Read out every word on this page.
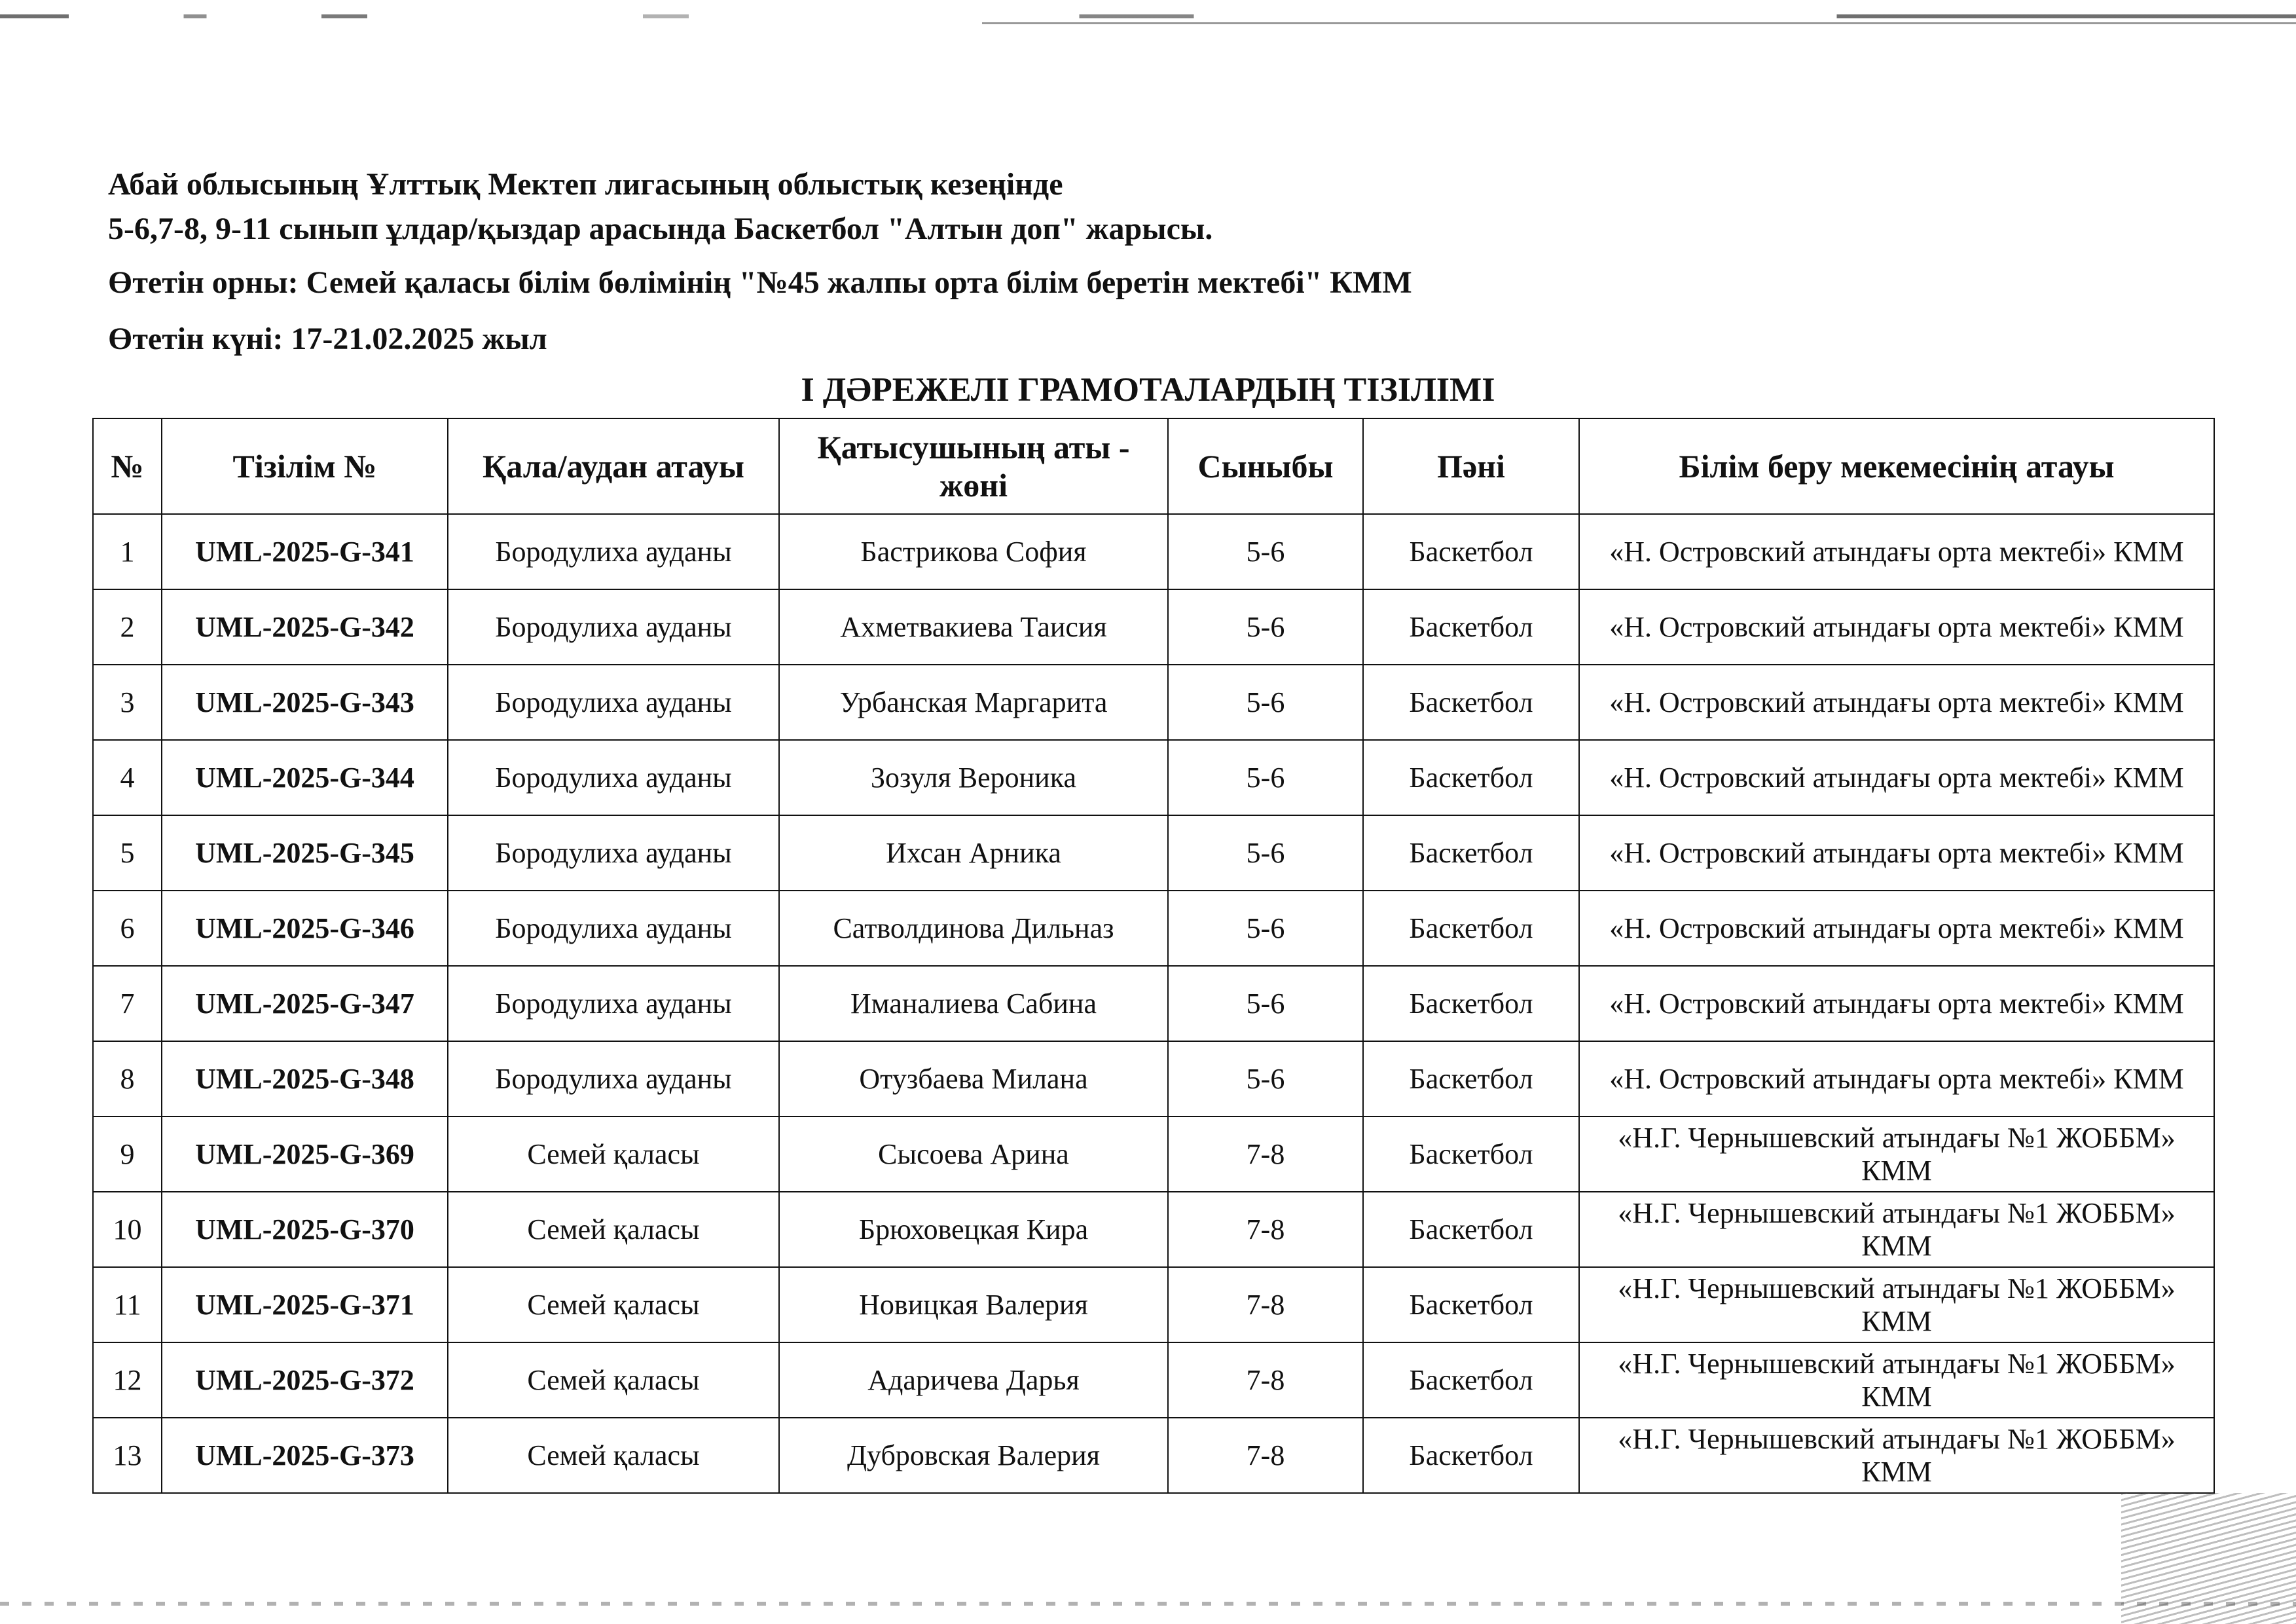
Абай облысының Ұлттық Мектеп лигасының облыстық кезеңінде
5-6,7-8, 9-11 сынып ұлдар/қыздар арасында Баскетбол "Алтын доп" жарысы.
Өтетін орны: Семей қаласы білім бөлімінің "№45 жалпы орта білім беретін мектебі" КММ
Өтетін күні: 17-21.02.2025 жыл
I ДӘРЕЖЕЛІ ГРАМОТАЛАРДЫҢ ТІЗІЛІМІ
№	Тізілім №	Қала/аудан атауы	Қатысушының аты - жөні	Сыныбы	Пәні	Білім беру мекемесінің атауы
1	UML-2025-G-341	Бородулиха ауданы	Бастрикова София	5-6	Баскетбол	«Н. Островский атындағы орта мектебі» КММ
2	UML-2025-G-342	Бородулиха ауданы	Ахметвакиева Таисия	5-6	Баскетбол	«Н. Островский атындағы орта мектебі» КММ
3	UML-2025-G-343	Бородулиха ауданы	Урбанская Маргарита	5-6	Баскетбол	«Н. Островский атындағы орта мектебі» КММ
4	UML-2025-G-344	Бородулиха ауданы	Зозуля Вероника	5-6	Баскетбол	«Н. Островский атындағы орта мектебі» КММ
5	UML-2025-G-345	Бородулиха ауданы	Ихсан Арника	5-6	Баскетбол	«Н. Островский атындағы орта мектебі» КММ
6	UML-2025-G-346	Бородулиха ауданы	Сатволдинова Дильназ	5-6	Баскетбол	«Н. Островский атындағы орта мектебі» КММ
7	UML-2025-G-347	Бородулиха ауданы	Иманалиева Сабина	5-6	Баскетбол	«Н. Островский атындағы орта мектебі» КММ
8	UML-2025-G-348	Бородулиха ауданы	Отузбаева Милана	5-6	Баскетбол	«Н. Островский атындағы орта мектебі» КММ
9	UML-2025-G-369	Семей қаласы	Сысоева Арина	7-8	Баскетбол	«Н.Г. Чернышевский атындағы №1 ЖОББМ» КММ
10	UML-2025-G-370	Семей қаласы	Брюховецкая Кира	7-8	Баскетбол	«Н.Г. Чернышевский атындағы №1 ЖОББМ» КММ
11	UML-2025-G-371	Семей қаласы	Новицкая Валерия	7-8	Баскетбол	«Н.Г. Чернышевский атындағы №1 ЖОББМ» КММ
12	UML-2025-G-372	Семей қаласы	Адаричева Дарья	7-8	Баскетбол	«Н.Г. Чернышевский атындағы №1 ЖОББМ» КММ
13	UML-2025-G-373	Семей қаласы	Дубровская Валерия	7-8	Баскетбол	«Н.Г. Чернышевский атындағы №1 ЖОББМ» КММ
